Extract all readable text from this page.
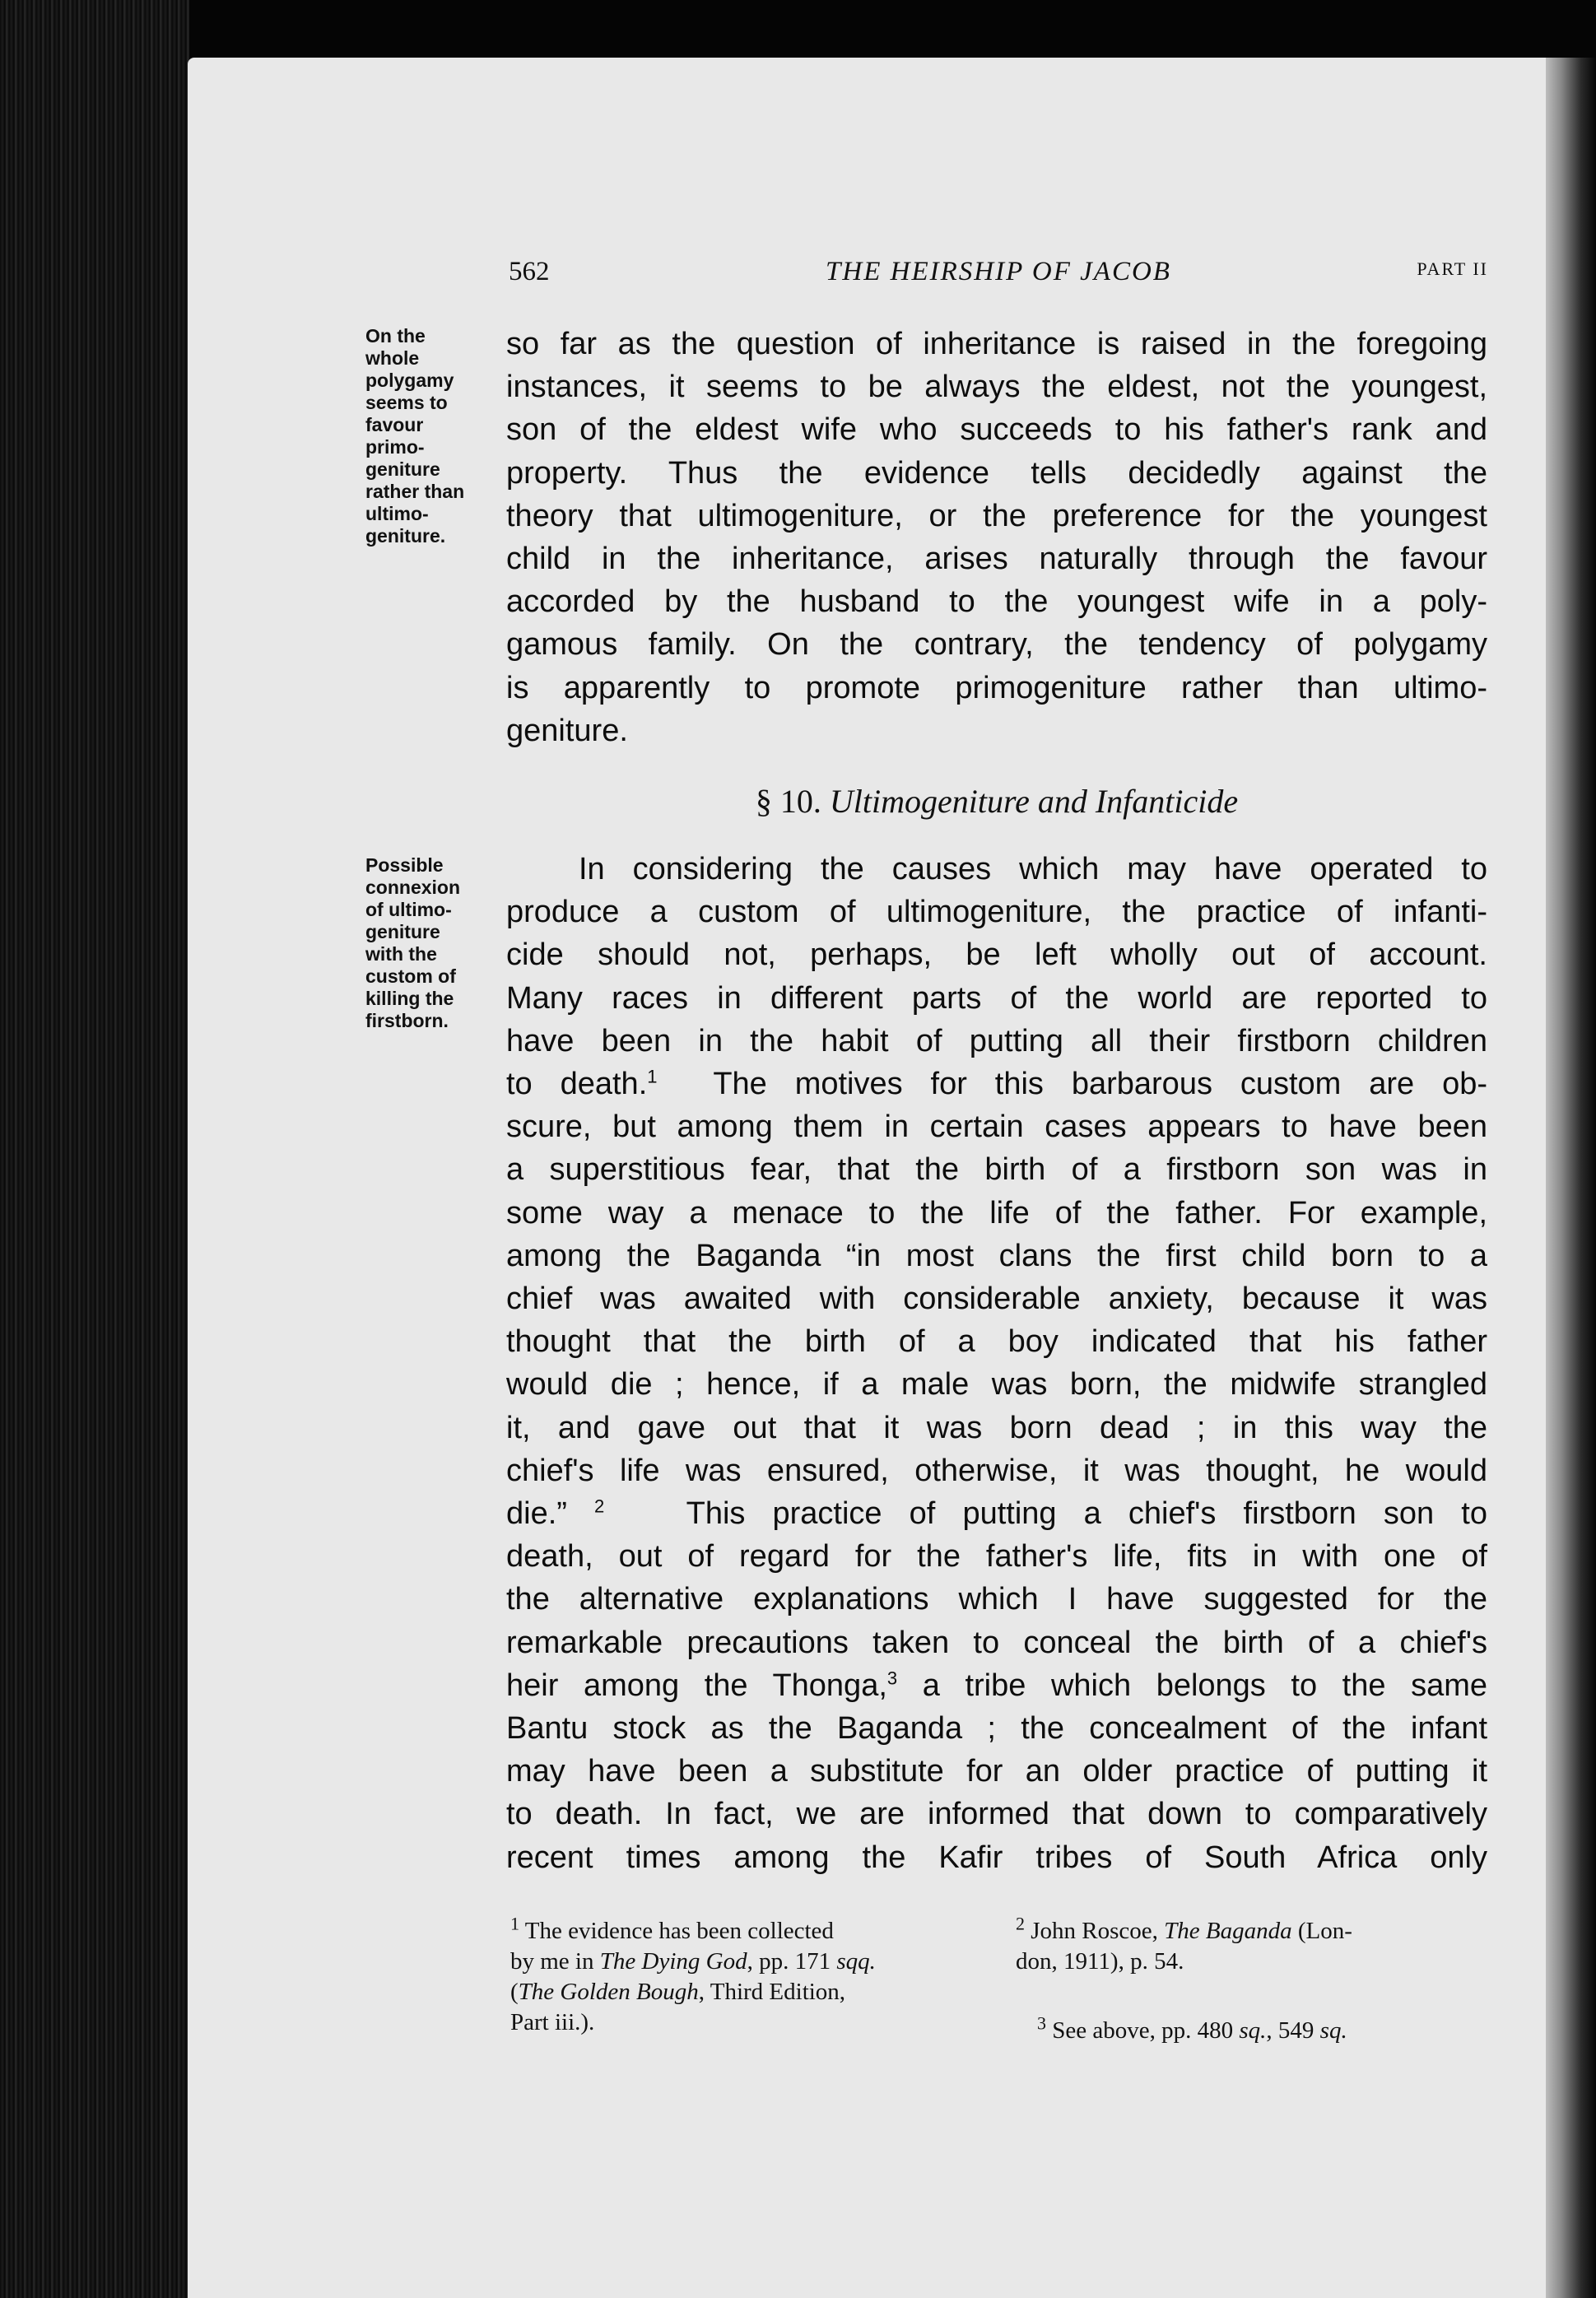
562	THE HEIRSHIP OF JACOB	PART II
On the
whole
polygamy
seems to
favour
primo-
geniture
rather than
ultimo-
geniture.
Possible
connexion
of ultimo-
geniture
with the
custom of
killing the
firstborn.
so far as the question of inheritance is raised in the foregoing
instances, it seems to be always the eldest, not the youngest,
son of the eldest wife who succeeds to his father's rank and
property. Thus the evidence tells decidedly against the
theory that ultimogeniture, or the preference for the youngest
child in the inheritance, arises naturally through the favour
accorded by the husband to the youngest wife in a poly-
gamous family. On the contrary, the tendency of polygamy
is apparently to promote primogeniture rather than ultimo-
geniture.
§ 10. Ultimogeniture and Infanticide
In considering the causes which may have operated to
produce a custom of ultimogeniture, the practice of infanti-
cide should not, perhaps, be left wholly out of account.
Many races in different parts of the world are reported to
have been in the habit of putting all their firstborn children
to death.$^1$ The motives for this barbarous custom are ob-
scure, but among them in certain cases appears to have been
a superstitious fear, that the birth of a firstborn son was in
some way a menace to the life of the father. For example,
among the Baganda “in most clans the first child born to a
chief was awaited with considerable anxiety, because it was
thought that the birth of a boy indicated that his father
would die ; hence, if a male was born, the midwife strangled
it, and gave out that it was born dead ; in this way the
chief's life was ensured, otherwise, it was thought, he would
die.” $^2$	This practice of putting a chief's firstborn son to
death, out of regard for the father's life, fits in with one of
the alternative explanations which I have suggested for the
remarkable precautions taken to conceal the birth of a chief's
heir among the Thonga,$^3$ a tribe which belongs to the same
Bantu stock as the Baganda ; the concealment of the infant
may have been a substitute for an older practice of putting it
to death. In fact, we are informed that down to comparatively
recent times among the Kafir tribes of South Africa only
$^1$ The evidence has been collected
by me in The Dying God, pp. 171 sqq.
(The Golden Bough, Third Edition,
Part iii.).
$^2$ John Roscoe, The Baganda (Lon-
don, 1911), p. 54.
$^3$ See above, pp. 480 sq., 549 sq.
